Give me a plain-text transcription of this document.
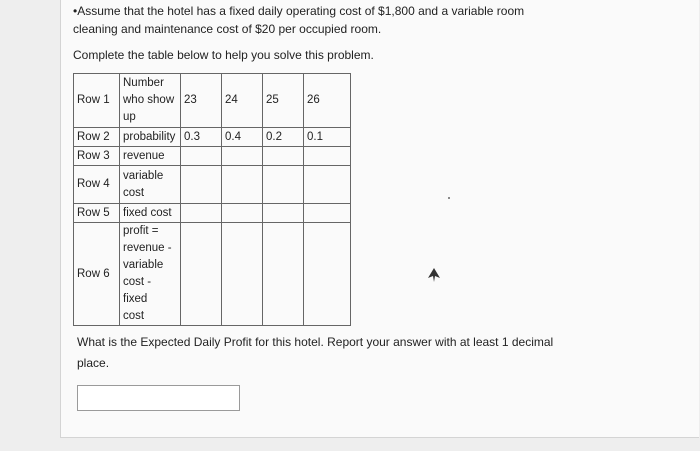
•Assume that the hotel has a fixed daily operating cost of $1,800 and a variable room
cleaning and maintenance cost of $20 per occupied room.
Complete the table below to help you solve this problem.
Row 1	Number
who show
up	23	24	25	26
Row 2	probability	0.3	0.4	0.2	0.1
Row 3	revenue				

Row 4	variable
cost				

Row 5	fixed cost				

Row 6	profit =
revenue -
variable
cost - fixed
cost				

What is the Expected Daily Profit for this hotel. Report your answer with at least 1 decimal place.
